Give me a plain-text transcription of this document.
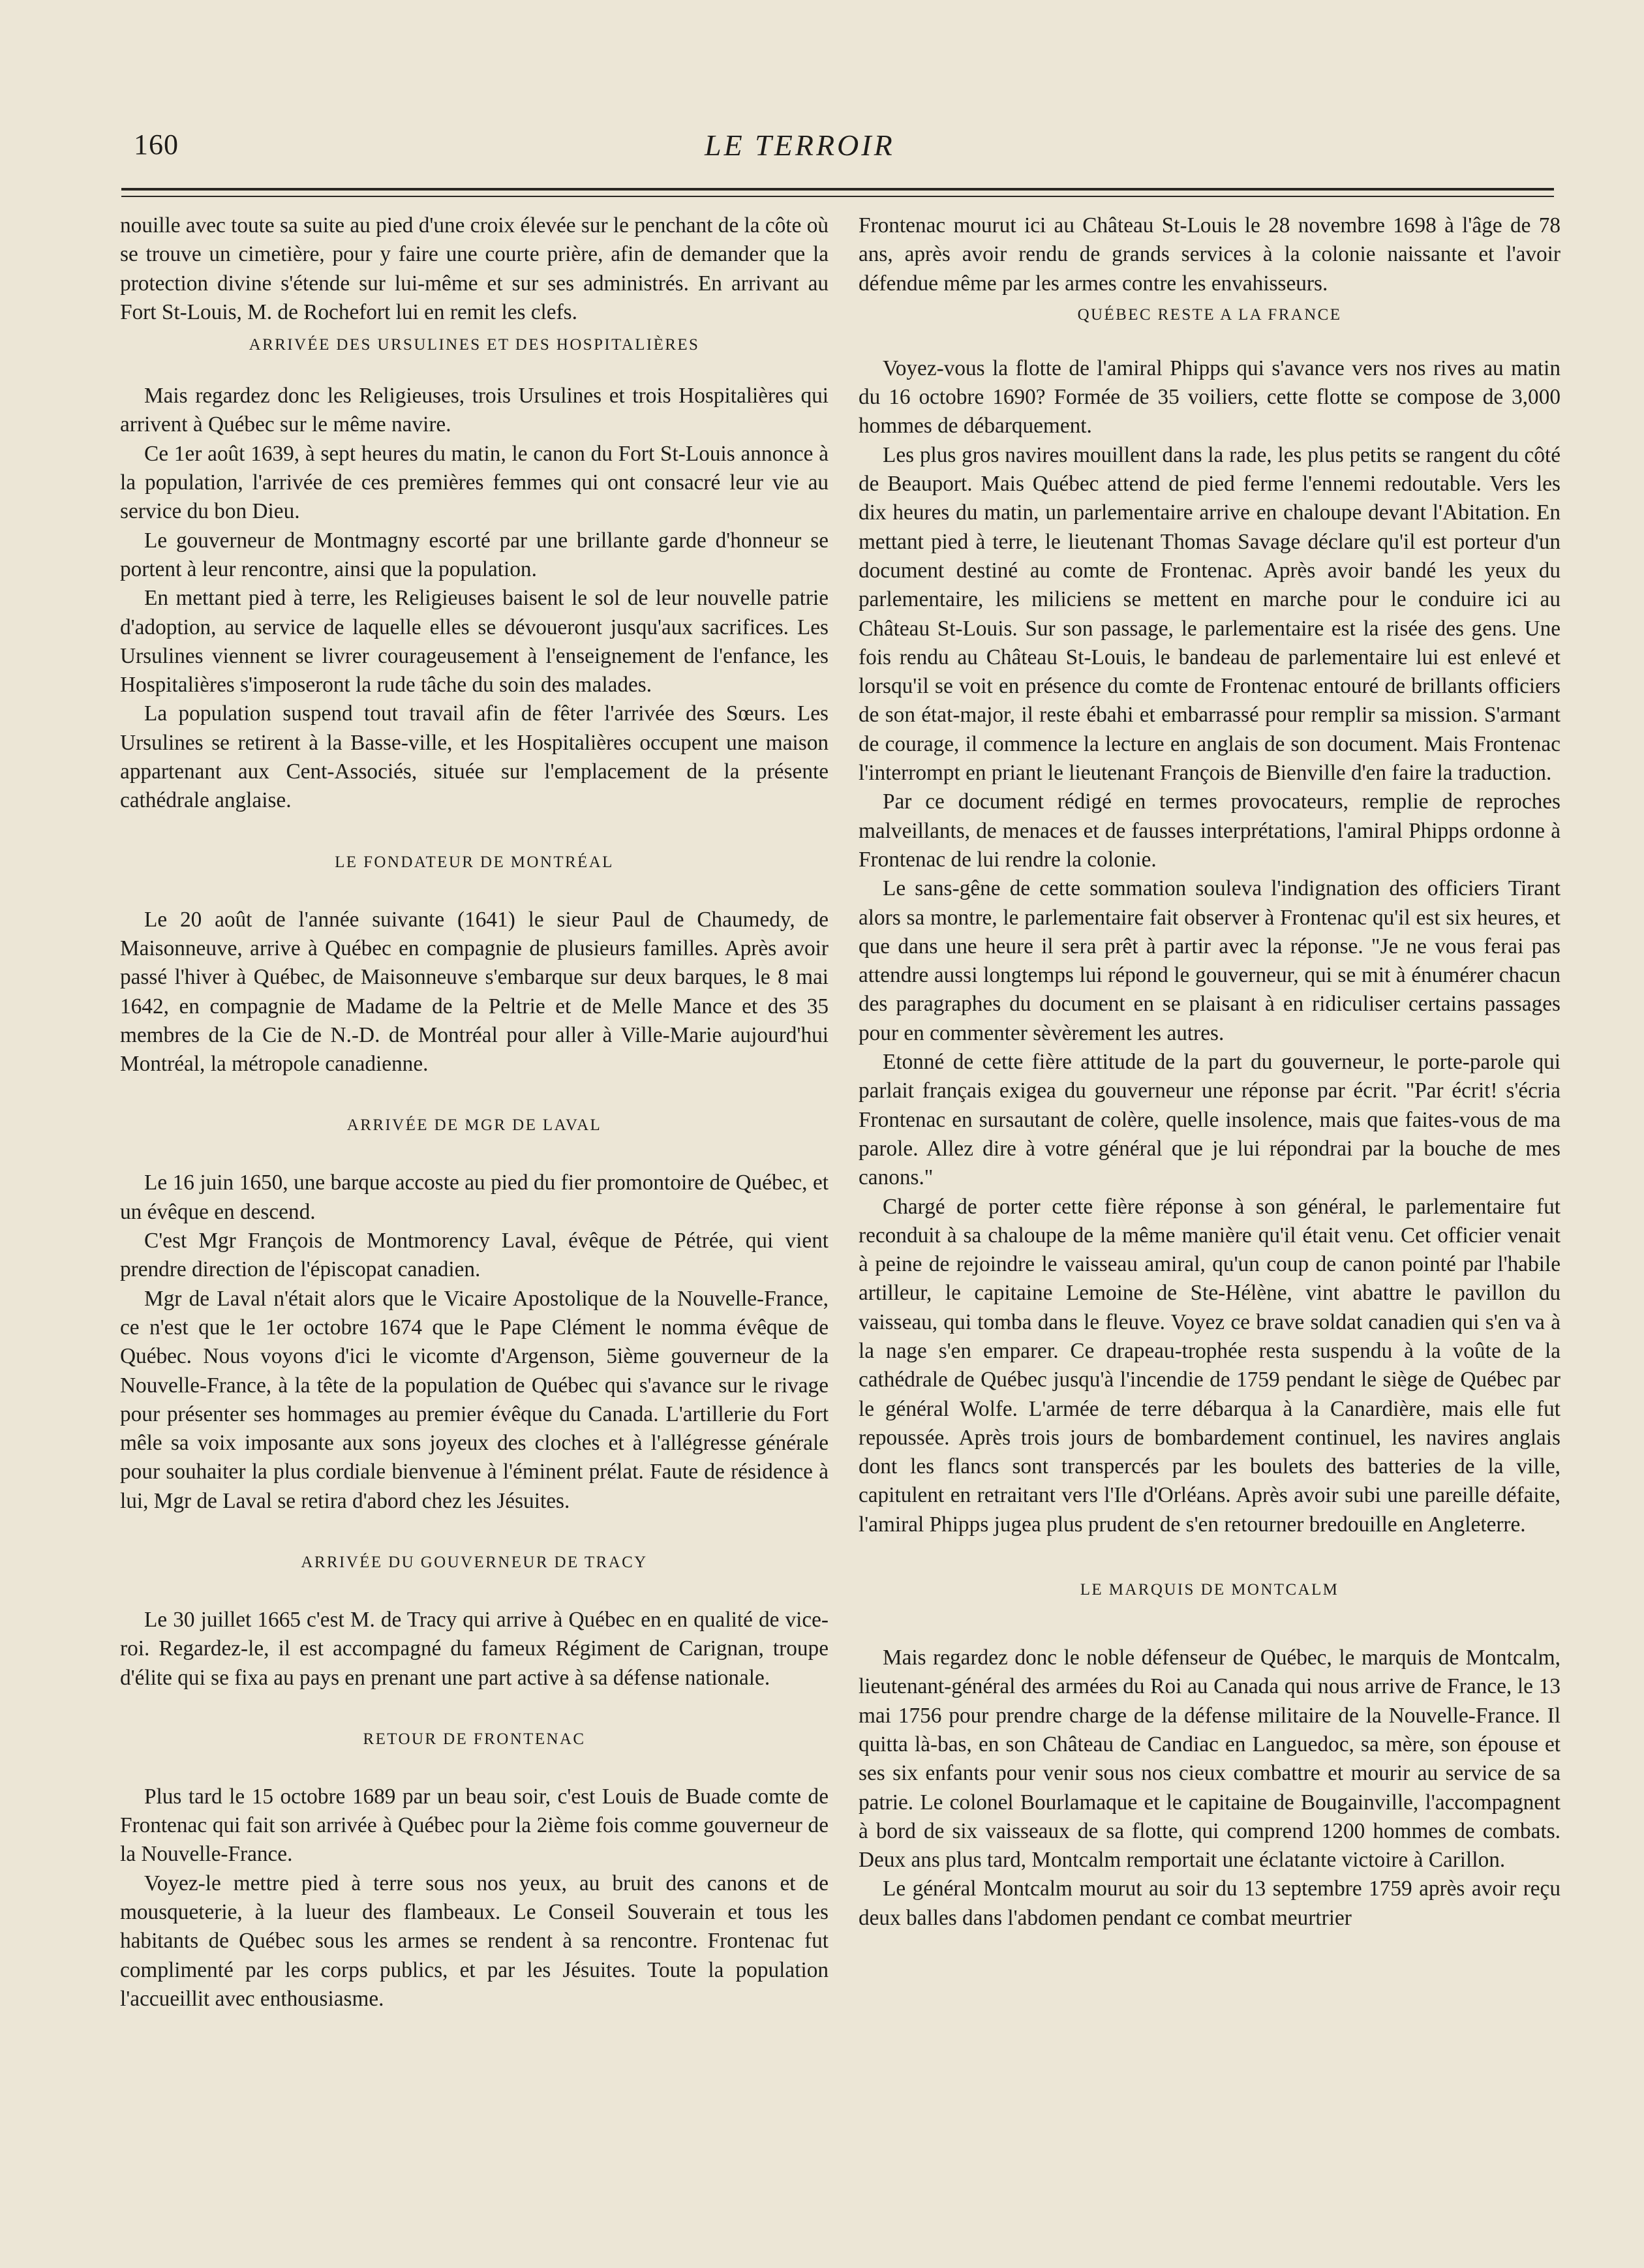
160	LE TERROIR

nouille avec toute sa suite au pied d'une croix élevée sur le penchant de la côte où se trouve un cimetière, pour y faire une courte prière, afin de demander que la protection divine s'étende sur lui-même et sur ses administrés. En arrivant au Fort St-Louis, M. de Rochefort lui en remit les clefs.

ARRIVÉE DES URSULINES ET DES HOSPITALIÈRES

Mais regardez donc les Religieuses, trois Ursulines et trois Hospitalières qui arrivent à Québec sur le même navire.

Ce 1er août 1639, à sept heures du matin, le canon du Fort St-Louis annonce à la population, l'arrivée de ces premières femmes qui ont consacré leur vie au service du bon Dieu.

Le gouverneur de Montmagny escorté par une brillante garde d'honneur se portent à leur rencontre, ainsi que la population.

En mettant pied à terre, les Religieuses baisent le sol de leur nouvelle patrie d'adoption, au service de laquelle elles se dévoueront jusqu'aux sacrifices. Les Ursulines viennent se livrer courageusement à l'enseignement de l'enfance, les Hospitalières s'imposeront la rude tâche du soin des malades.

La population suspend tout travail afin de fêter l'arrivée des Sœurs. Les Ursulines se retirent à la Basse-ville, et les Hospitalières occupent une maison appartenant aux Cent-Associés, située sur l'emplacement de la présente cathédrale anglaise.

LE FONDATEUR DE MONTRÉAL

Le 20 août de l'année suivante (1641) le sieur Paul de Chaumedy, de Maisonneuve, arrive à Québec en compagnie de plusieurs familles. Après avoir passé l'hiver à Québec, de Maisonneuve s'embarque sur deux barques, le 8 mai 1642, en compagnie de Madame de la Peltrie et de Melle Mance et des 35 membres de la Cie de N.-D. de Montréal pour aller à Ville-Marie aujourd'hui Montréal, la métropole canadienne.

ARRIVÉE DE MGR DE LAVAL

Le 16 juin 1650, une barque accoste au pied du fier promontoire de Québec, et un évêque en descend.

C'est Mgr François de Montmorency Laval, évêque de Pétrée, qui vient prendre direction de l'épiscopat canadien.

Mgr de Laval n'était alors que le Vicaire Apostolique de la Nouvelle-France, ce n'est que le 1er octobre 1674 que le Pape Clément le nomma évêque de Québec. Nous voyons d'ici le vicomte d'Argenson, 5ième gouverneur de la Nouvelle-France, à la tête de la population de Québec qui s'avance sur le rivage pour présenter ses hommages au premier évêque du Canada. L'artillerie du Fort mêle sa voix imposante aux sons joyeux des cloches et à l'allégresse générale pour souhaiter la plus cordiale bienvenue à l'éminent prélat. Faute de résidence à lui, Mgr de Laval se retira d'abord chez les Jésuites.

ARRIVÉE DU GOUVERNEUR DE TRACY

Le 30 juillet 1665 c'est M. de Tracy qui arrive à Québec en en qualité de vice-roi. Regardez-le, il est accompagné du fameux Régiment de Carignan, troupe d'élite qui se fixa au pays en prenant une part active à sa défense nationale.

RETOUR DE FRONTENAC

Plus tard le 15 octobre 1689 par un beau soir, c'est Louis de Buade comte de Frontenac qui fait son arrivée à Québec pour la 2ième fois comme gouverneur de la Nouvelle-France.

Voyez-le mettre pied à terre sous nos yeux, au bruit des canons et de mousqueterie, à la lueur des flambeaux. Le Conseil Souverain et tous les habitants de Québec sous les armes se rendent à sa rencontre. Frontenac fut complimenté par les corps publics, et par les Jésuites. Toute la population l'accueillit avec enthousiasme.

Frontenac mourut ici au Château St-Louis le 28 novembre 1698 à l'âge de 78 ans, après avoir rendu de grands services à la colonie naissante et l'avoir défendue même par les armes contre les envahisseurs.

QUÉBEC RESTE A LA FRANCE

Voyez-vous la flotte de l'amiral Phipps qui s'avance vers nos rives au matin du 16 octobre 1690? Formée de 35 voiliers, cette flotte se compose de 3,000 hommes de débarquement.

Les plus gros navires mouillent dans la rade, les plus petits se rangent du côté de Beauport. Mais Québec attend de pied ferme l'ennemi redoutable. Vers les dix heures du matin, un parlementaire arrive en chaloupe devant l'Abitation. En mettant pied à terre, le lieutenant Thomas Savage déclare qu'il est porteur d'un document destiné au comte de Frontenac. Après avoir bandé les yeux du parlementaire, les miliciens se mettent en marche pour le conduire ici au Château St-Louis. Sur son passage, le parlementaire est la risée des gens. Une fois rendu au Château St-Louis, le bandeau de parlementaire lui est enlevé et lorsqu'il se voit en présence du comte de Frontenac entouré de brillants officiers de son état-major, il reste ébahi et embarrassé pour remplir sa mission. S'armant de courage, il commence la lecture en anglais de son document. Mais Frontenac l'interrompt en priant le lieutenant François de Bienville d'en faire la traduction.

Par ce document rédigé en termes provocateurs, remplie de reproches malveillants, de menaces et de fausses interprétations, l'amiral Phipps ordonne à Frontenac de lui rendre la colonie.

Le sans-gêne de cette sommation souleva l'indignation des officiers Tirant alors sa montre, le parlementaire fait observer à Frontenac qu'il est six heures, et que dans une heure il sera prêt à partir avec la réponse. "Je ne vous ferai pas attendre aussi longtemps lui répond le gouverneur, qui se mit à énumérer chacun des paragraphes du document en se plaisant à en ridiculiser certains passages pour en commenter sèvèrement les autres.

Etonné de cette fière attitude de la part du gouverneur, le porte-parole qui parlait français exigea du gouverneur une réponse par écrit. "Par écrit! s'écria Frontenac en sursautant de colère, quelle insolence, mais que faites-vous de ma parole. Allez dire à votre général que je lui répondrai par la bouche de mes canons."

Chargé de porter cette fière réponse à son général, le parlementaire fut reconduit à sa chaloupe de la même manière qu'il était venu. Cet officier venait à peine de rejoindre le vaisseau amiral, qu'un coup de canon pointé par l'habile artilleur, le capitaine Lemoine de Ste-Hélène, vint abattre le pavillon du vaisseau, qui tomba dans le fleuve. Voyez ce brave soldat canadien qui s'en va à la nage s'en emparer. Ce drapeau-trophée resta suspendu à la voûte de la cathédrale de Québec jusqu'à l'incendie de 1759 pendant le siège de Québec par le général Wolfe. L'armée de terre débarqua à la Canardière, mais elle fut repoussée. Après trois jours de bombardement continuel, les navires anglais dont les flancs sont transpercés par les boulets des batteries de la ville, capitulent en retraitant vers l'Ile d'Orléans. Après avoir subi une pareille défaite, l'amiral Phipps jugea plus prudent de s'en retourner bredouille en Angleterre.

LE MARQUIS DE MONTCALM

Mais regardez donc le noble défenseur de Québec, le marquis de Montcalm, lieutenant-général des armées du Roi au Canada qui nous arrive de France, le 13 mai 1756 pour prendre charge de la défense militaire de la Nouvelle-France. Il quitta là-bas, en son Château de Candiac en Languedoc, sa mère, son épouse et ses six enfants pour venir sous nos cieux combattre et mourir au service de sa patrie. Le colonel Bourlamaque et le capitaine de Bougainville, l'accompagnent à bord de six vaisseaux de sa flotte, qui comprend 1200 hommes de combats. Deux ans plus tard, Montcalm remportait une éclatante victoire à Carillon.

Le général Montcalm mourut au soir du 13 septembre 1759 après avoir reçu deux balles dans l'abdomen pendant ce combat meurtrier
